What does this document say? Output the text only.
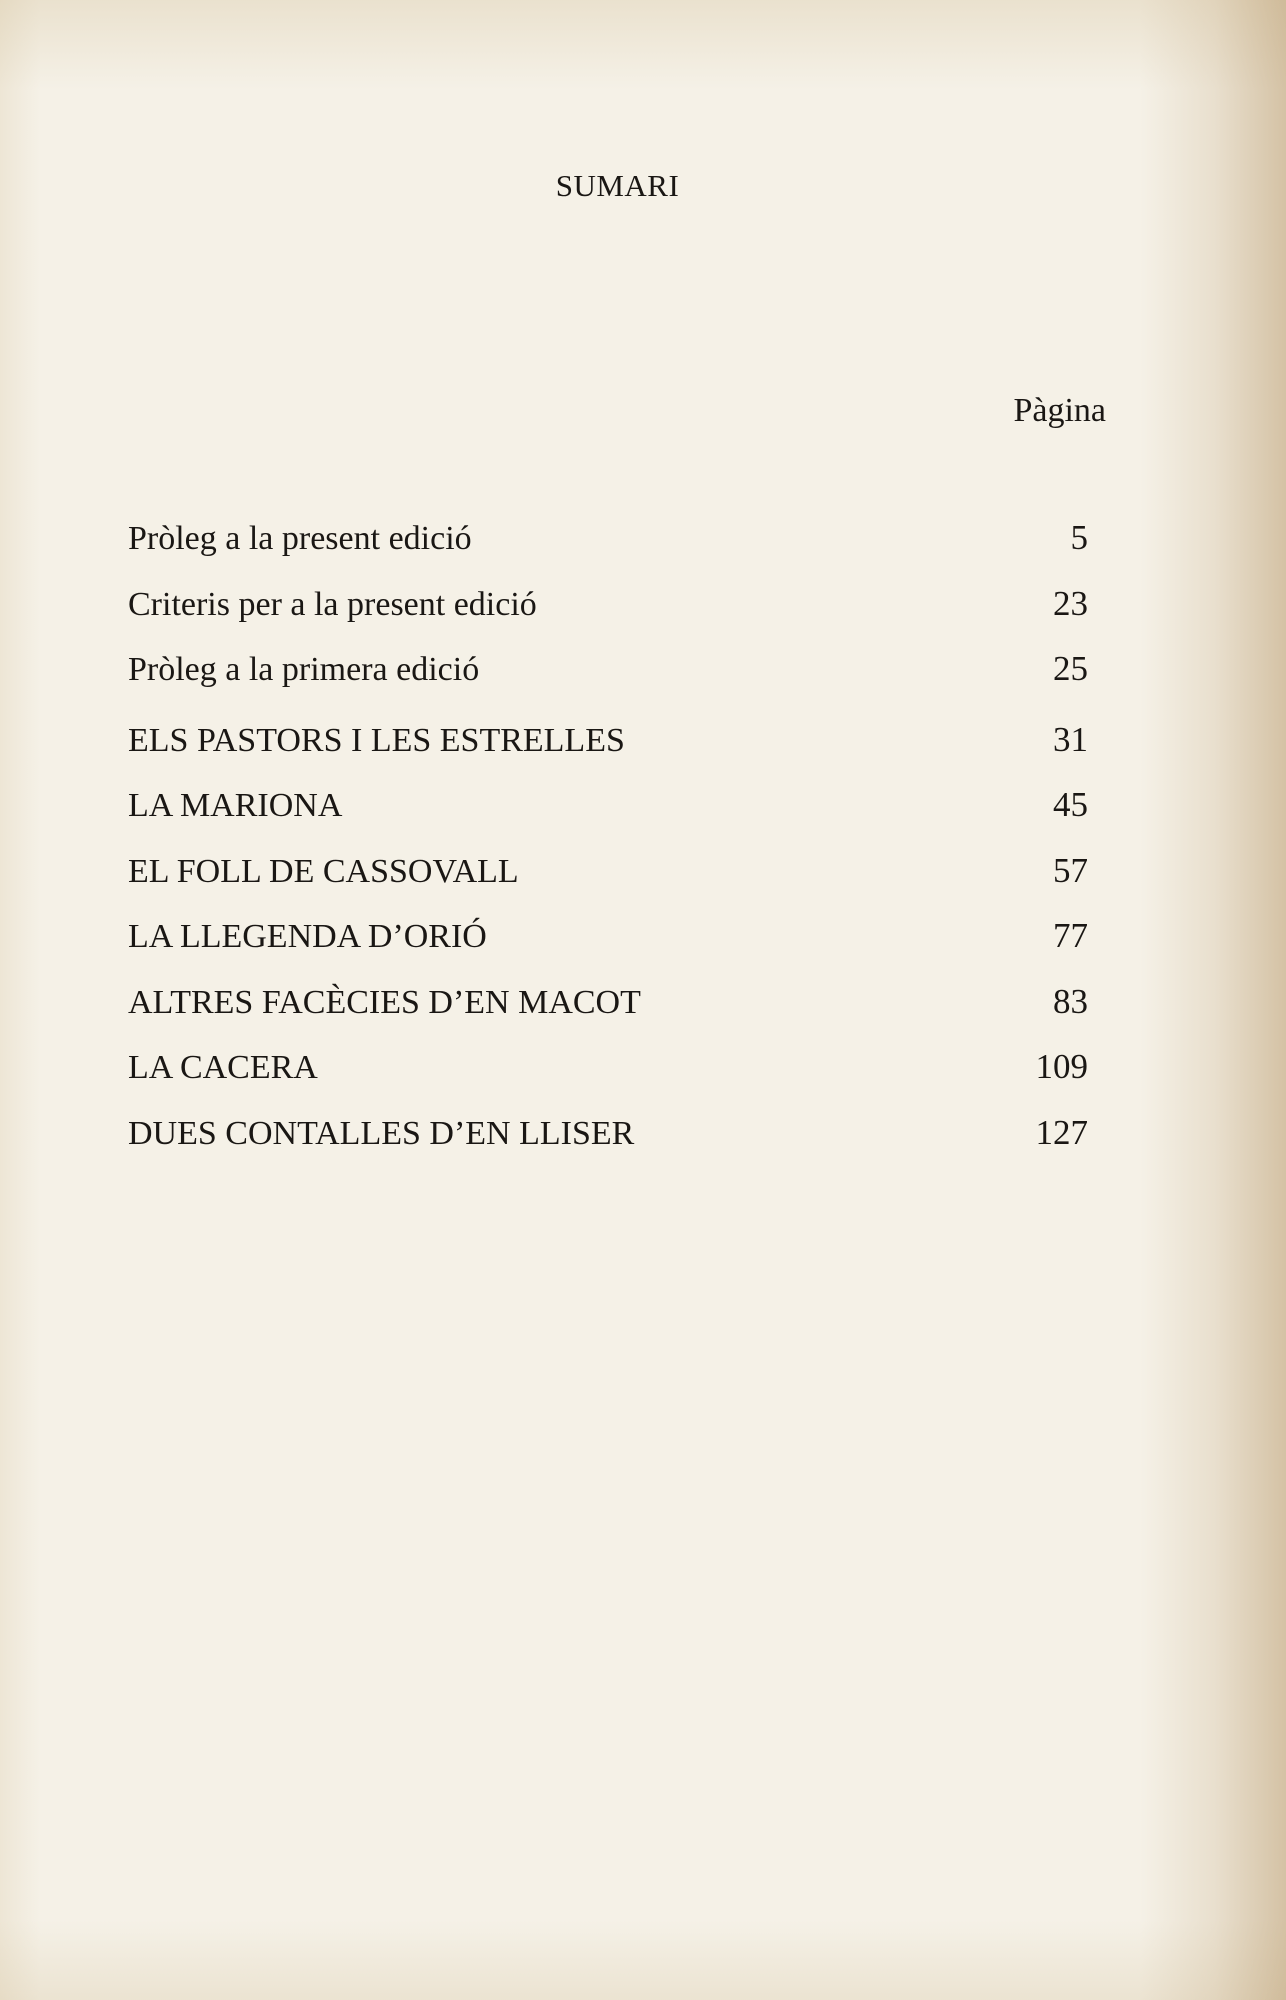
SUMARI
Pàgina
Pròleg a la present edició	5
Criteris per a la present edició	23
Pròleg a la primera edició	25
ELS PASTORS I LES ESTRELLES	31
LA MARIONA	45
EL FOLL DE CASSOVALL	57
LA LLEGENDA D’ORIÓ	77
ALTRES FACÈCIES D’EN MACOT	83
LA CACERA	109
DUES CONTALLES D’EN LLISER	127
